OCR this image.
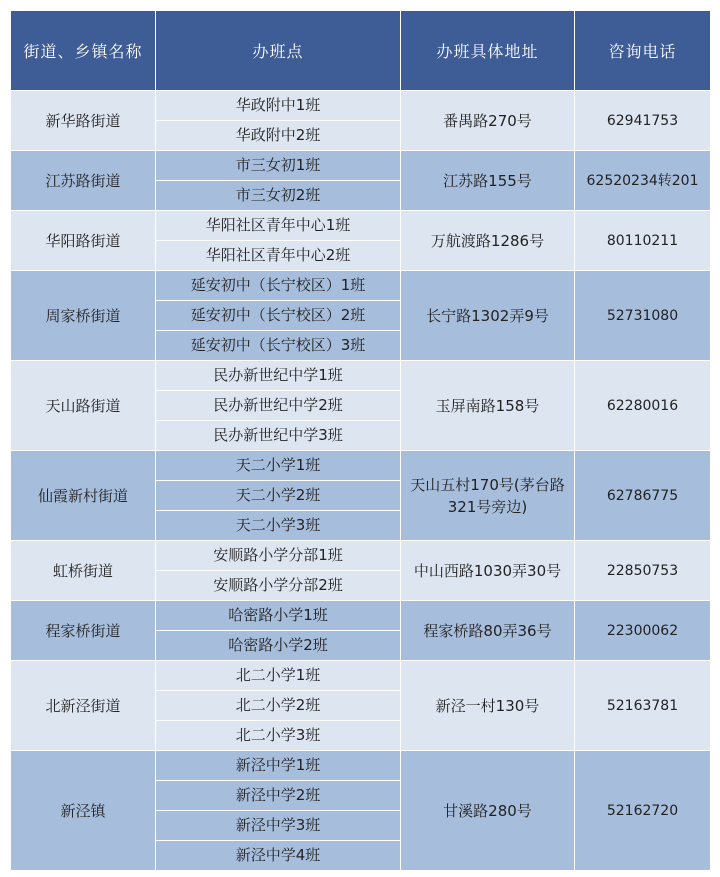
街道、乡镇名称	办班点	办班具体地址	咨询电话
新华路街道	华政附中1班	番禺路270号	62941753
	华政附中2班		
江苏路街道	市三女初1班	江苏路155号	62520234转201
	市三女初2班		
华阳路街道	华阳社区青年中心1班	万航渡路1286号	80110211
	华阳社区青年中心2班		
周家桥街道	延安初中（长宁校区）1班	长宁路1302弄9号	52731080
	延安初中（长宁校区）2班		
	延安初中（长宁校区）3班		
天山路街道	民办新世纪中学1班	玉屏南路158号	62280016
	民办新世纪中学2班		
	民办新世纪中学3班		
仙霞新村街道	天二小学1班	天山五村170号(茅台路321号旁边)	62786775
	天二小学2班		
	天二小学3班		
虹桥街道	安顺路小学分部1班	中山西路1030弄30号	22850753
	安顺路小学分部2班		
程家桥街道	哈密路小学1班	程家桥路80弄36号	22300062
	哈密路小学2班		
北新泾街道	北二小学1班	新泾一村130号	52163781
	北二小学2班		
	北二小学3班		
新泾镇	新泾中学1班	甘溪路280号	52162720
	新泾中学2班		
	新泾中学3班		
	新泾中学4班		
